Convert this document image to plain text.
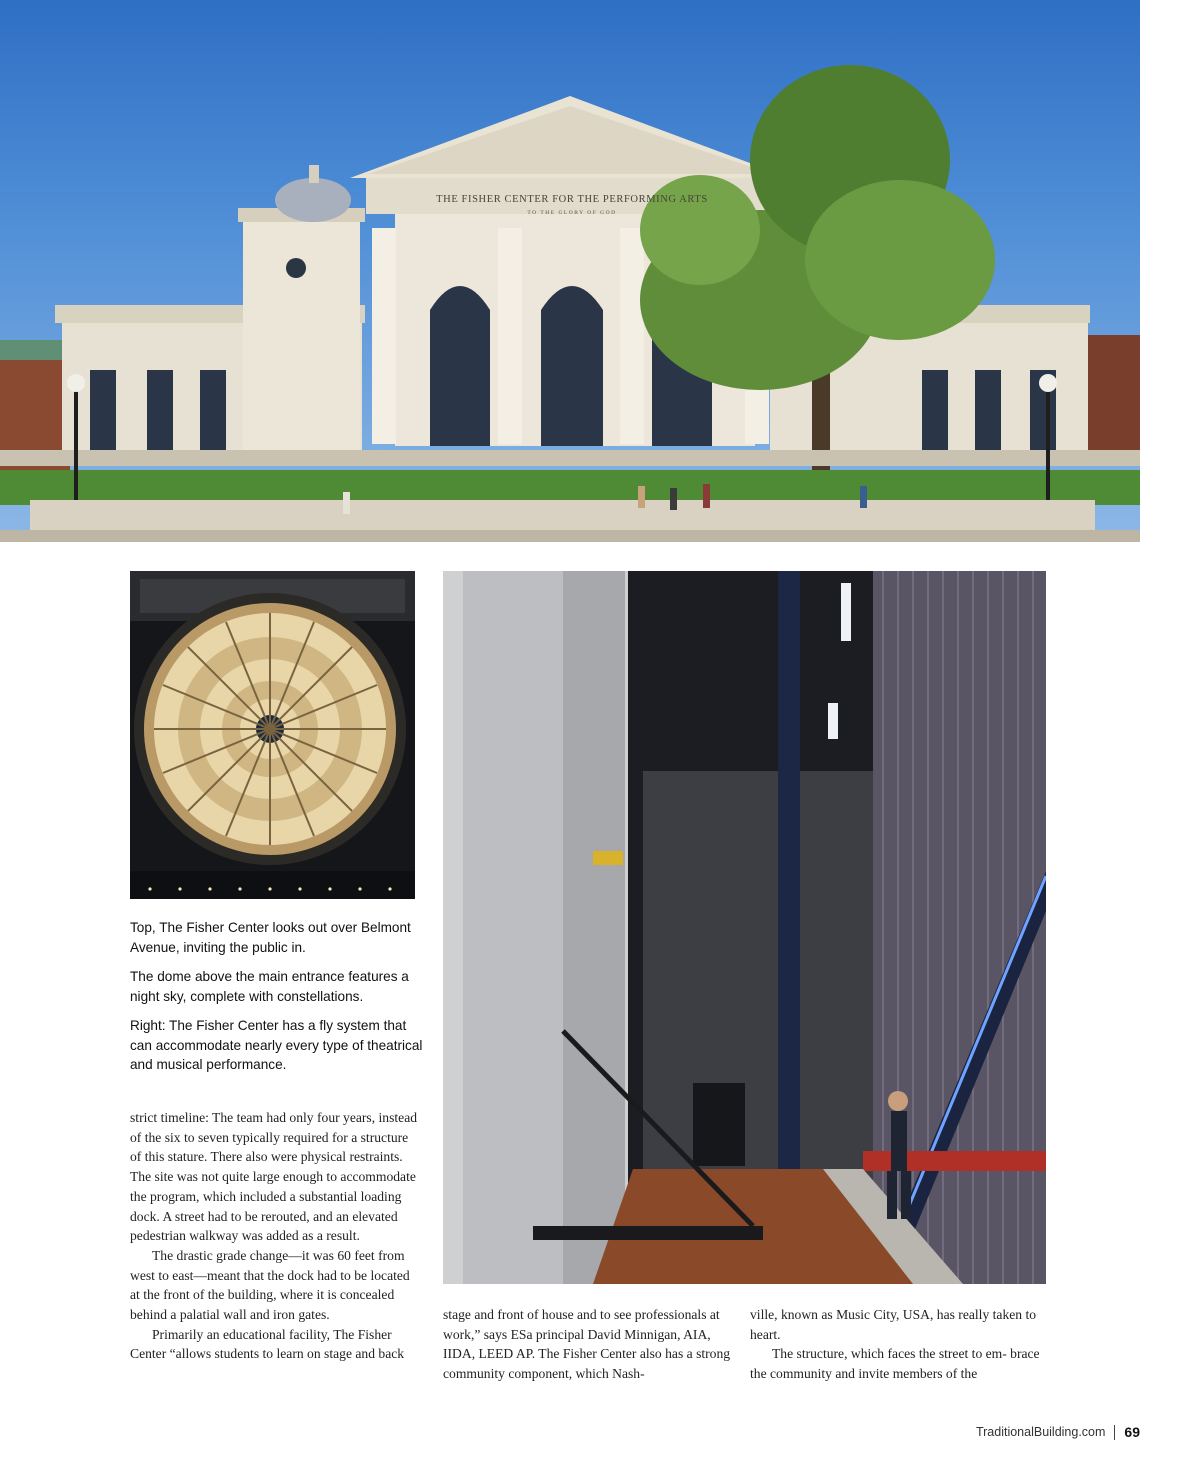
THE FISHER CENTER FOR THE PERFORMING ARTS
TO THE GLORY OF GOD

Top, The Fisher Center looks out over Belmont Avenue, inviting the public in.

The dome above the main entrance features a night sky, complete with constellations.

Right: The Fisher Center has a fly system that can accommodate nearly every type of theatrical and musical performance.

strict timeline: The team had only four years, instead of the six to seven typically required for a structure of this stature. There also were physical restraints. The site was not quite large enough to accommodate the program, which included a substantial loading dock. A street had to be rerouted, and an elevated pedestrian walkway was added as a result.

The drastic grade change—it was 60 feet from west to east—meant that the dock had to be located at the front of the building, where it is concealed behind a palatial wall and iron gates.

Primarily an educational facility, The Fisher Center “allows students to learn on stage and back

stage and front of house and to see professionals at work,” says ESa principal David Minnigan, AIA, IIDA, LEED AP. The Fisher Center also has a strong community component, which Nash-

ville, known as Music City, USA, has really taken to heart.

The structure, which faces the street to em- brace the community and invite members of the

TraditionalBuilding.com 69
